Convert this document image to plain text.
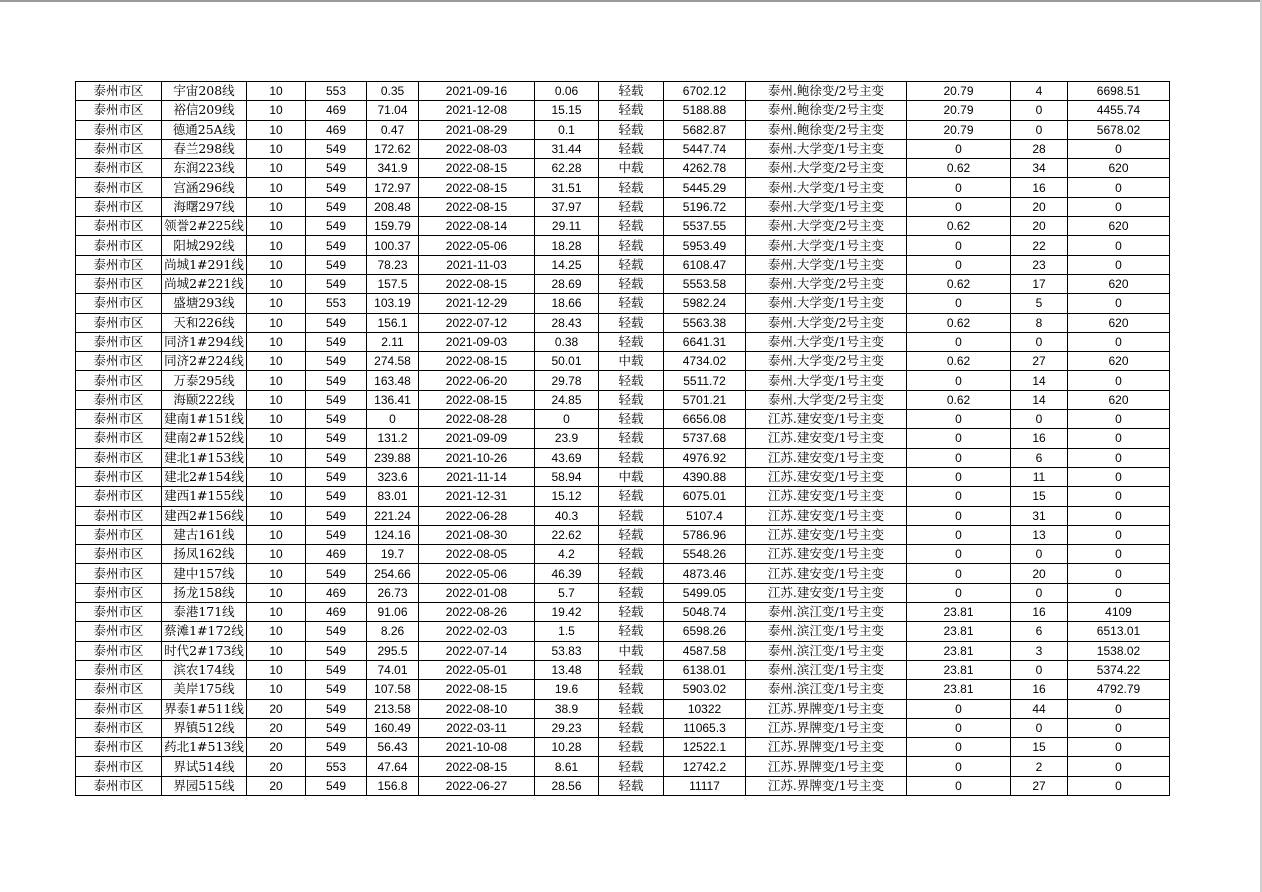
泰州市区	宇宙208线	10	553	0.35	2021-09-16	0.06	轻载	6702.12	泰州.鲍徐变/2号主变	20.79	4	6698.51
泰州市区	裕信209线	10	469	71.04	2021-12-08	15.15	轻载	5188.88	泰州.鲍徐变/2号主变	20.79	0	4455.74
泰州市区	德通25A线	10	469	0.47	2021-08-29	0.1	轻载	5682.87	泰州.鲍徐变/2号主变	20.79	0	5678.02
泰州市区	春兰298线	10	549	172.62	2022-08-03	31.44	轻载	5447.74	泰州.大学变/1号主变	0	28	0
泰州市区	东润223线	10	549	341.9	2022-08-15	62.28	中载	4262.78	泰州.大学变/2号主变	0.62	34	620
泰州市区	宫涵296线	10	549	172.97	2022-08-15	31.51	轻载	5445.29	泰州.大学变/1号主变	0	16	0
泰州市区	海曙297线	10	549	208.48	2022-08-15	37.97	轻载	5196.72	泰州.大学变/1号主变	0	20	0
泰州市区	领誉2#225线	10	549	159.79	2022-08-14	29.11	轻载	5537.55	泰州.大学变/2号主变	0.62	20	620
泰州市区	阳城292线	10	549	100.37	2022-05-06	18.28	轻载	5953.49	泰州.大学变/1号主变	0	22	0
泰州市区	尚城1#291线	10	549	78.23	2021-11-03	14.25	轻载	6108.47	泰州.大学变/1号主变	0	23	0
泰州市区	尚城2#221线	10	549	157.5	2022-08-15	28.69	轻载	5553.58	泰州.大学变/2号主变	0.62	17	620
泰州市区	盛塘293线	10	553	103.19	2021-12-29	18.66	轻载	5982.24	泰州.大学变/1号主变	0	5	0
泰州市区	天和226线	10	549	156.1	2022-07-12	28.43	轻载	5563.38	泰州.大学变/2号主变	0.62	8	620
泰州市区	同济1#294线	10	549	2.11	2021-09-03	0.38	轻载	6641.31	泰州.大学变/1号主变	0	0	0
泰州市区	同济2#224线	10	549	274.58	2022-08-15	50.01	中载	4734.02	泰州.大学变/2号主变	0.62	27	620
泰州市区	万泰295线	10	549	163.48	2022-06-20	29.78	轻载	5511.72	泰州.大学变/1号主变	0	14	0
泰州市区	海颐222线	10	549	136.41	2022-08-15	24.85	轻载	5701.21	泰州.大学变/2号主变	0.62	14	620
泰州市区	建南1#151线	10	549	0	2022-08-28	0	轻载	6656.08	江苏.建安变/1号主变	0	0	0
泰州市区	建南2#152线	10	549	131.2	2021-09-09	23.9	轻载	5737.68	江苏.建安变/1号主变	0	16	0
泰州市区	建北1#153线	10	549	239.88	2021-10-26	43.69	轻载	4976.92	江苏.建安变/1号主变	0	6	0
泰州市区	建北2#154线	10	549	323.6	2021-11-14	58.94	中载	4390.88	江苏.建安变/1号主变	0	11	0
泰州市区	建西1#155线	10	549	83.01	2021-12-31	15.12	轻载	6075.01	江苏.建安变/1号主变	0	15	0
泰州市区	建西2#156线	10	549	221.24	2022-06-28	40.3	轻载	5107.4	江苏.建安变/1号主变	0	31	0
泰州市区	建古161线	10	549	124.16	2021-08-30	22.62	轻载	5786.96	江苏.建安变/1号主变	0	13	0
泰州市区	扬凤162线	10	469	19.7	2022-08-05	4.2	轻载	5548.26	江苏.建安变/1号主变	0	0	0
泰州市区	建中157线	10	549	254.66	2022-05-06	46.39	轻载	4873.46	江苏.建安变/1号主变	0	20	0
泰州市区	扬龙158线	10	469	26.73	2022-01-08	5.7	轻载	5499.05	江苏.建安变/1号主变	0	0	0
泰州市区	泰港171线	10	469	91.06	2022-08-26	19.42	轻载	5048.74	泰州.滨江变/1号主变	23.81	16	4109
泰州市区	蔡滩1#172线	10	549	8.26	2022-02-03	1.5	轻载	6598.26	泰州.滨江变/1号主变	23.81	6	6513.01
泰州市区	时代2#173线	10	549	295.5	2022-07-14	53.83	中载	4587.58	泰州.滨江变/1号主变	23.81	3	1538.02
泰州市区	滨农174线	10	549	74.01	2022-05-01	13.48	轻载	6138.01	泰州.滨江变/1号主变	23.81	0	5374.22
泰州市区	美岸175线	10	549	107.58	2022-08-15	19.6	轻载	5903.02	泰州.滨江变/1号主变	23.81	16	4792.79
泰州市区	界泰1#511线	20	549	213.58	2022-08-10	38.9	轻载	10322	江苏.界牌变/1号主变	0	44	0
泰州市区	界镇512线	20	549	160.49	2022-03-11	29.23	轻载	11065.3	江苏.界牌变/1号主变	0	0	0
泰州市区	药北1#513线	20	549	56.43	2021-10-08	10.28	轻载	12522.1	江苏.界牌变/1号主变	0	15	0
泰州市区	界试514线	20	553	47.64	2022-08-15	8.61	轻载	12742.2	江苏.界牌变/1号主变	0	2	0
泰州市区	界园515线	20	549	156.8	2022-06-27	28.56	轻载	11117	江苏.界牌变/1号主变	0	27	0
